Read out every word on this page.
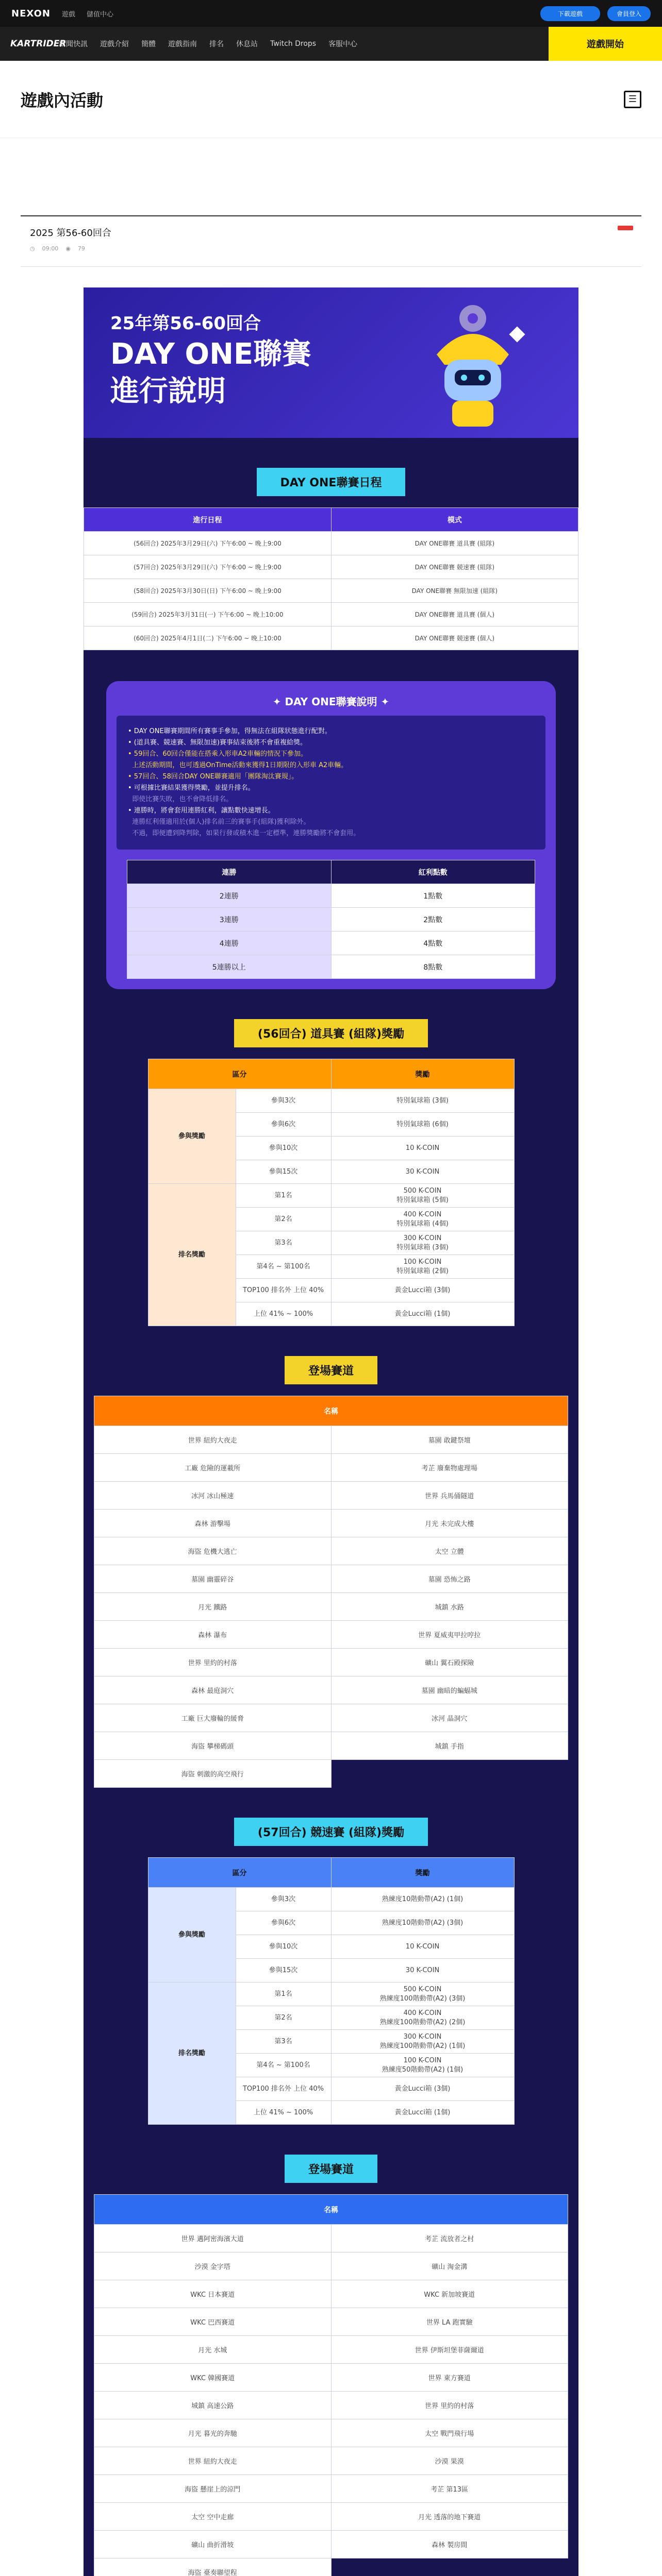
NEXON 遊戲 儲值中心	下載遊戲	會員登入
KARTRIDER
新聞快訊 遊戲介紹 簡體 遊戲指南 排名 休息站 Twitch Drops 客服中心	遊戲開始
遊戲內活動	☰
2025 第56-60回合
◷ 09:00 ◉ 79
25年第56-60回合
DAY ONE聯賽
進行說明
DAY ONE聯賽日程
進行日程	模式
(56回合) 2025年3月29日(六) 下午6:00 ~ 晚上9:00	DAY ONE聯賽 道具賽 (組隊)
(57回合) 2025年3月29日(六) 下午6:00 ~ 晚上9:00	DAY ONE聯賽 競速賽 (組隊)
(58回合) 2025年3月30日(日) 下午6:00 ~ 晚上9:00	DAY ONE聯賽 無限加速 (組隊)
(59回合) 2025年3月31日(一) 下午6:00 ~ 晚上10:00	DAY ONE聯賽 道具賽 (個人)
(60回合) 2025年4月1日(二) 下午6:00 ~ 晚上10:00	DAY ONE聯賽 競速賽 (個人)
✦ DAY ONE聯賽說明 ✦
• DAY ONE聯賽期間所有賽事手參加，得無法在組隊狀態進行配對。
• (道具賽、競速賽、無限加速)賽事結束後將不會重複給獎。
• 59回合、60回合僅能在搭乘入形車A2車輛的情況下參加。
上述活動期間，也可透過OnTime活動來獲得1日期限的入形車 A2車輛。
• 57回合、58回合DAY ONE聯賽適用「團隊淘汰賽規」。
• 可根據比賽結果獲得獎勵，並提升排名。
即使比賽失敗，也不會降低排名。
• 連勝時，將會套用連勝紅利，讓點數快速增長。
連勝紅利僅適用於(個人)排名前三的賽事手(組隊)獲利除外。
不過，即便遭到降判除，如果行發或積木進一定標準，連勝獎勵將不會套用。
連勝	紅利點數
2連勝	1點數
3連勝	2點數
4連勝	4點數
5連勝以上	8點數
(56回合) 道具賽 (組隊)獎勵
區分		獎勵
參與獎勵	參與3次	特別氣球箱 (3個)
	參與6次	特別氣球箱 (6個)
	參與10次	10 K-COIN
	參與15次	30 K-COIN
排名獎勵	第1名	500 K-COIN
特別氣球箱 (5個)
	第2名	400 K-COIN
特別氣球箱 (4個)
	第3名	300 K-COIN
特別氣球箱 (3個)
	第4名 ~ 第100名	100 K-COIN
特別氣球箱 (2個)
	TOP100 排名外 上位 40%	黃金Lucci箱 (3個)
	上位 41% ~ 100%	黃金Lucci箱 (1個)
登場賽道
名稱	
世界 紐約大夜走	墓園 敢鍵祭壇
工廠 危險的運載所	考芷 廢棄物處理場
冰河 冰山極速	世界 兵馬俑隧道
森林 游擊場	月光 未完成大樓
海盜 危機大逃亡	太空 立體
墓園 幽靈碎谷	墓園 恐怖之路
月光 鐵路	城鎮 水路
森林 瀑布	世界 夏威夷甲拉哼拉
世界 里約的村落	礦山 翼石殿探險
森林 最庭洞穴	墓園 幽暗的蝙蝠城
工廠 巨大廢輪的緩脅	冰河 晶洞穴
海盜 攀梯碼頭	城鎮 手指
海盜 刺激的高空飛行	
(57回合) 競速賽 (組隊)獎勵
區分		獎勵
參與獎勵	參與3次	熟練度10階動帶(A2) (1個)
	參與6次	熟練度10階動帶(A2) (3個)
	參與10次	10 K-COIN
	參與15次	30 K-COIN
排名獎勵	第1名	500 K-COIN
熟練度100階動帶(A2) (3個)
	第2名	400 K-COIN
熟練度100階動帶(A2) (2個)
	第3名	300 K-COIN
熟練度100階動帶(A2) (1個)
	第4名 ~ 第100名	100 K-COIN
熟練度50階動帶(A2) (1個)
	TOP100 排名外 上位 40%	黃金Lucci箱 (3個)
	上位 41% ~ 100%	黃金Lucci箱 (1個)
登場賽道
名稱	
世界 邁阿密海濱大道	考芷 流放者之村
沙漠 金字塔	礦山 淘金溝
WKC 日本賽道	WKC 新加坡賽道
WKC 巴西賽道	世界 LA 跑實驗
月光 水城	世界 伊斯坦堡菲薩爾道
WKC 韓國賽道	世界 東方賽道
城鎮 高速公路	世界 里約的村落
月光 暮光的奔馳	太空 戰門飛行場
世界 紐約大夜走	沙漠 果漠
海盜 懸崖上的涼門	考芷 第13區
太空 空中走廊	月光 透落的地下賽道
礦山 曲折滑坡	森林 製房間
海盜 臺奏聯望程	
